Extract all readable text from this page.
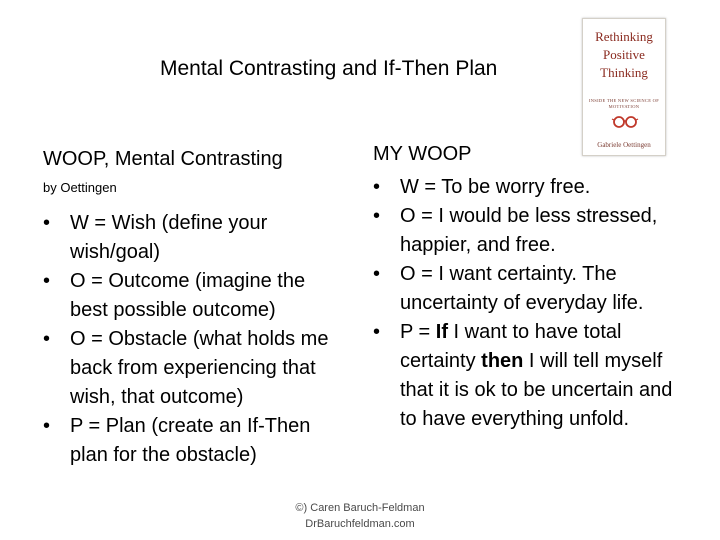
Mental Contrasting and If-Then Plan
Rethinking
Positive
Thinking
INSIDE THE NEW SCIENCE OF MOTIVATION
Gabriele Oettingen
WOOP, Mental Contrasting
by Oettingen
• W = Wish (define your wish/goal)
• O = Outcome (imagine the best possible outcome)
• O = Obstacle (what holds me back from experiencing that wish, that outcome)
• P = Plan (create an If-Then plan for the obstacle)
MY WOOP
• W = To be worry free.
• O = I would be less stressed, happier, and free.
• O = I want certainty. The uncertainty of everyday life.
• P = If I want to have total certainty then I will tell myself that it is ok to be uncertain and to have everything unfold.
©) Caren Baruch-Feldman
DrBaruchfeldman.com
